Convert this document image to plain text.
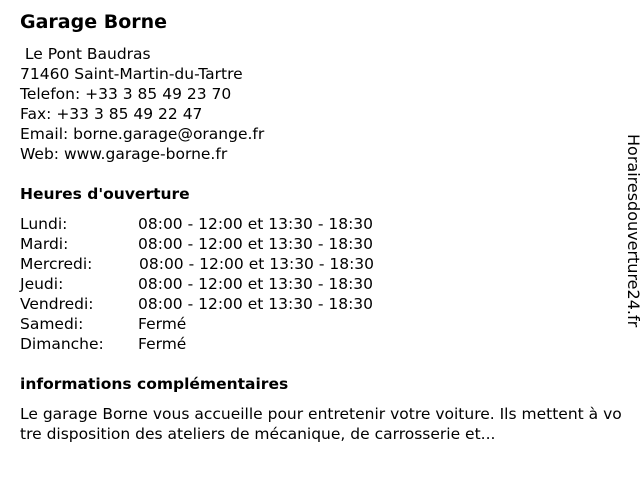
Garage Borne
Le Pont Baudras
71460 Saint-Martin-du-Tartre
Telefon: +33 3 85 49 23 70
Fax: +33 3 85 49 22 47
Email: borne.garage@orange.fr
Web: www.garage-borne.fr
Heures d'ouverture
Lundi:	08:00 - 12:00 et 13:30 - 18:30
Mardi:	08:00 - 12:00 et 13:30 - 18:30
Mercredi:	08:00 - 12:00 et 13:30 - 18:30
Jeudi:	08:00 - 12:00 et 13:30 - 18:30
Vendredi:	08:00 - 12:00 et 13:30 - 18:30
Samedi:	Fermé
Dimanche: Fermé
informations complémentaires
Le garage Borne vous accueille pour entretenir votre voiture. Ils mettent à votre disposition des ateliers de mécanique, de carrosserie et...
Horairesdouverture24.fr
